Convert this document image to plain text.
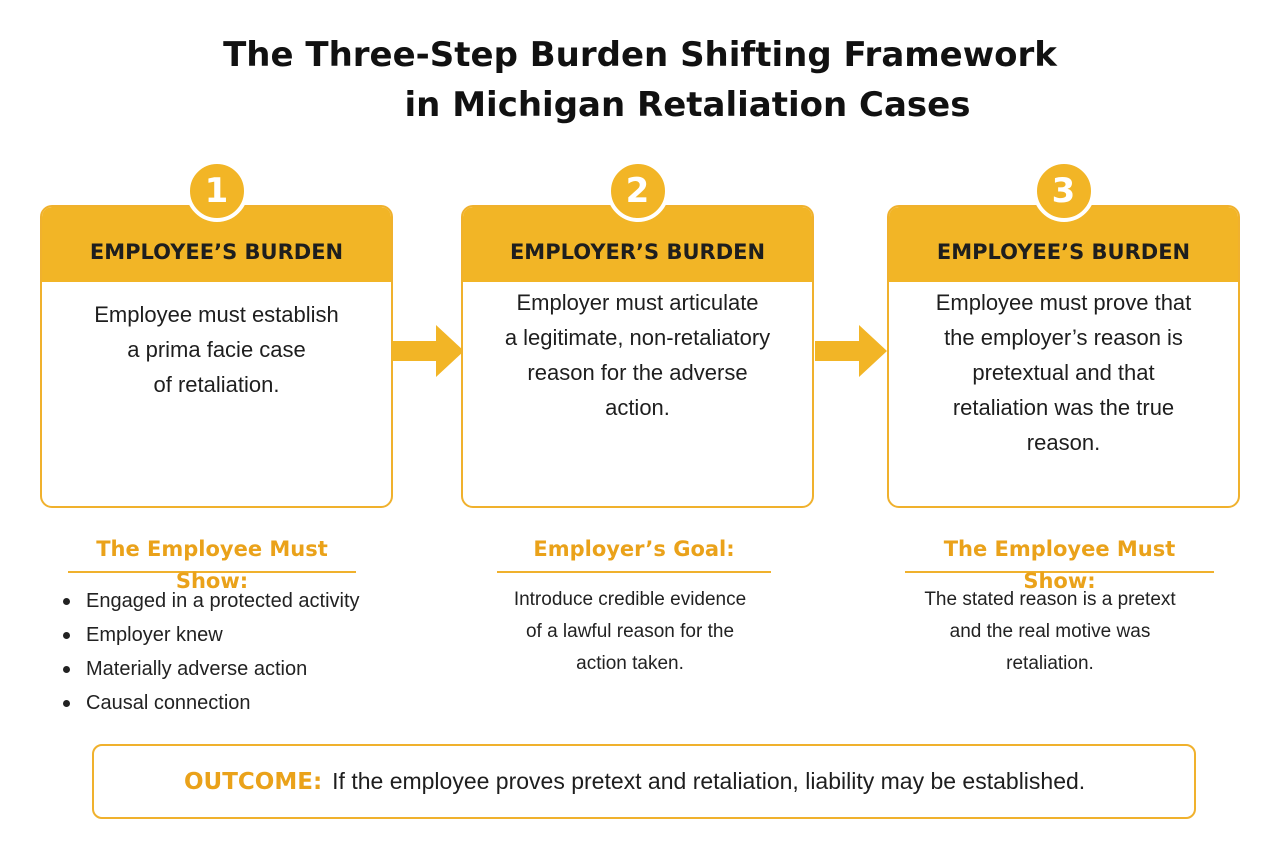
The Three-Step Burden Shifting Framework
in Michigan Retaliation Cases
EMPLOYEE’S BURDEN
Employee must establish
a prima facie case
of retaliation.
1
EMPLOYER’S BURDEN
Employer must articulate
a legitimate, non-retaliatory
reason for the adverse
action.
2
EMPLOYEE’S BURDEN
Employee must prove that
the employer’s reason is
pretextual and that
retaliation was the true
reason.
3
The Employee Must Show:
Engaged in a protected activity
Employer knew
Materially adverse action
Causal connection
Employer’s Goal:
Introduce credible evidence
of a lawful reason for the
action taken.
The Employee Must Show:
The stated reason is a pretext
and the real motive was
retaliation.
OUTCOME: If the employee proves pretext and retaliation, liability may be established.
